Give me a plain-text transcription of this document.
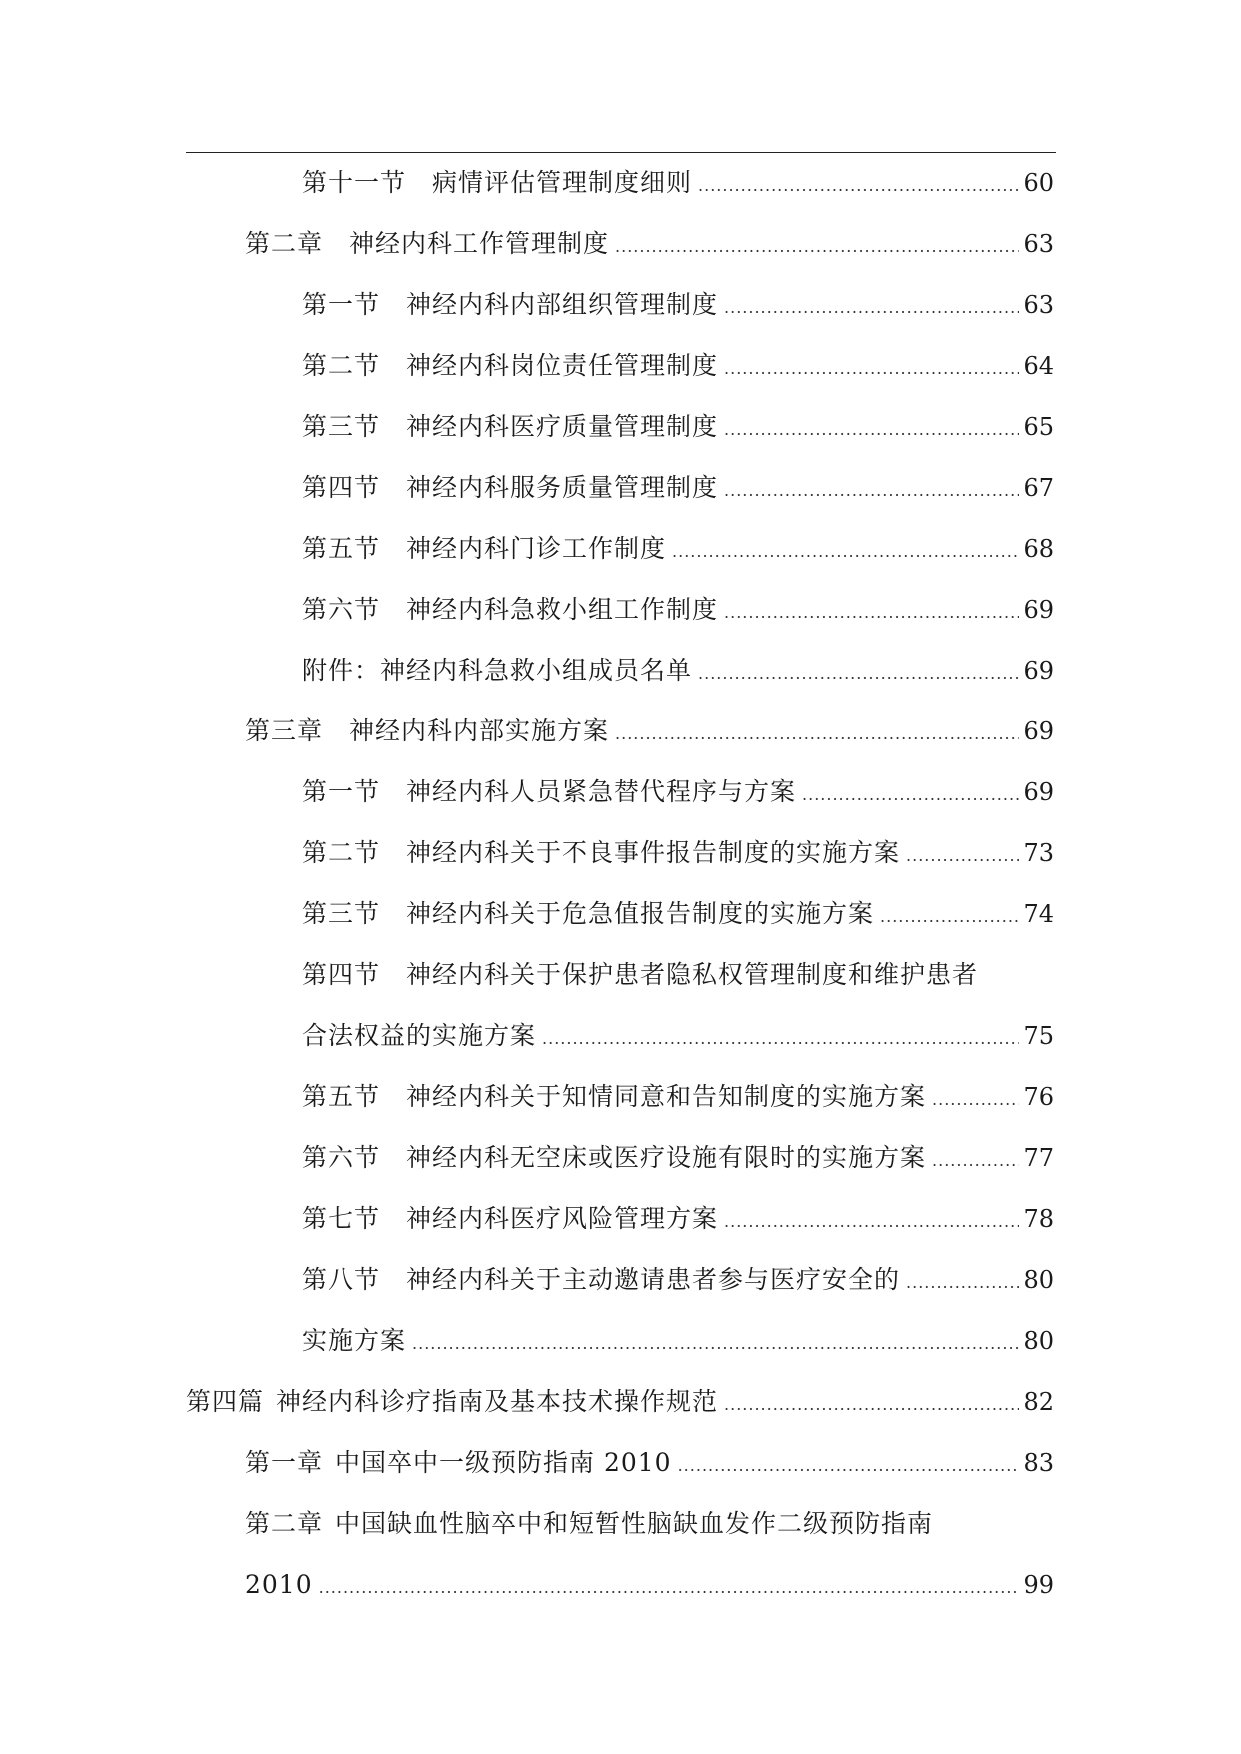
第十一节 病情评估管理制度细则 .....	60
第二章 神经内科工作管理制度 .....	63
第一节 神经内科内部组织管理制度 .....	63
第二节 神经内科岗位责任管理制度 .....	64
第三节 神经内科医疗质量管理制度 .....	65
第四节 神经内科服务质量管理制度 .....	67
第五节 神经内科门诊工作制度 .....	68
第六节 神经内科急救小组工作制度 .....	69
附件：神经内科急救小组成员名单 .....	69
第三章 神经内科内部实施方案 .....	69
第一节 神经内科人员紧急替代程序与方案 .....	69
第二节 神经内科关于不良事件报告制度的实施方案 .....	73
第三节 神经内科关于危急值报告制度的实施方案 .....	74
第四节 神经内科关于保护患者隐私权管理制度和维护患者
合法权益的实施方案 .....	75
第五节 神经内科关于知情同意和告知制度的实施方案 .....	76
第六节 神经内科无空床或医疗设施有限时的实施方案 .....	77
第七节 神经内科医疗风险管理方案 .....	78
第八节 神经内科关于主动邀请患者参与医疗安全的 .....	80
实施方案 .....	80
第四篇 神经内科诊疗指南及基本技术操作规范 .....	82
第一章 中国卒中一级预防指南 2010 .....	83
第二章 中国缺血性脑卒中和短暂性脑缺血发作二级预防指南
2010 .....	99
